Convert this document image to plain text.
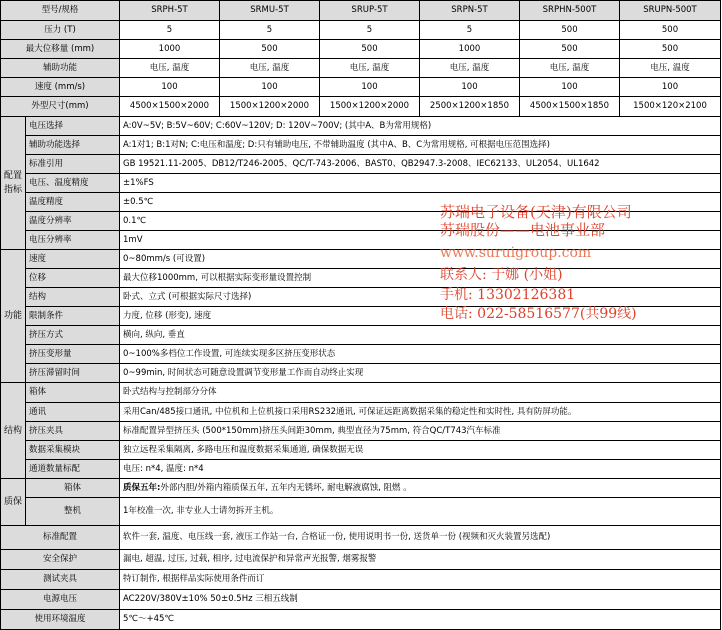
型号/规格		SRPH-5T	SRMU-5T	SRUP-5T	SRPN-5T	SRPHN-500T	SRUPN-500T
压力 (T)		5	5	5	5	500	500
最大位移量 (mm)		1000	500	500	1000	500	500
辅助功能		电压, 温度	电压, 温度	电压, 温度	电压, 温度	电压, 温度	电压, 温度
速度 (mm/s)		100	100	100	100	100	100
外型尺寸(mm)		4500×1500×2000	1500×1200×2000	1500×1200×2000	2500×1200×1850	4500×1500×1850	1500×120×2100
配置指标	电压选择	A:0V~5V; B:5V~60V; C:60V~120V; D: 120V~700V; (其中A、B为常用规格)					
	辅助功能选择	A:1对1; B:1对N; C:电压和温度; D:只有辅助电压, 不带辅助温度 (其中A、B、C为常用规格, 可根据电压范围选择)					
	标准引用	GB 19521.11-2005、DB12/T246-2005、QC/T-743-2006、BAST0、QB2947.3-2008、IEC62133、UL2054、UL1642					
	电压、温度精度	±1%FS					
	温度精度	±0.5℃					
	温度分辨率	0.1℃					
	电压分辨率	1mV					
功能	速度	0~80mm/s (可设置)					
	位移	最大位移1000mm, 可以根据实际变形量设置控制					
	结构	卧式、立式 (可根据实际尺寸选择)					
	限制条件	力度, 位移 (形变), 速度					
	挤压方式	横向, 纵向, 垂直					
	挤压变形量	0~100%多档位工作设置, 可连续实现多区挤压变形状态					
	挤压滞留时间	0~99min, 时间状态可随意设置调节变形量工作而自动终止实现					
结构	箱体	卧式结构与控制部分分体					
	通讯	采用Can/485接口通讯, 中位机和上位机接口采用RS232通讯, 可保证远距离数据采集的稳定性和实时性, 具有防屏功能。					
	挤压夹具	标准配置异型挤压头 (500*150mm)挤压头间距30mm, 典型直径为75mm, 符合QC/T743汽车标准					
	数据采集模块	独立远程采集隔离, 多路电压和温度数据采集通道, 确保数据无误					
	通道数量标配	电压: n*4, 温度: n*4					
质保	箱体	质保五年:外部内胆/外箱内箱质保五年, 五年内无锈坏, 耐电解液腐蚀, 阻燃 。					
	整机	1年校准一次, 非专业人士请勿拆开主机。					
标准配置		软件一套, 温度、电压线一套, 液压工作站一台, 合格证一份, 使用说明书一份, 送货单一份 (视频和灭火装置另选配)					
安全保护		漏电, 超温, 过压, 过载, 相序, 过电流保护和异常声光报警, 烟雾报警					
测试夹具		特订制作, 根据样品实际使用条件而订					
电源电压		AC220V/380V±10% 50±0.5Hz 三相五线制					
使用环境温度		5℃～+45℃					
苏瑞电子设备(天津)有限公司
苏瑞股份——电池事业部
www.suruigroup.com
联系人: 于娜 (小姐)
手机: 13302126381
电话: 022-58516577(共99线)
